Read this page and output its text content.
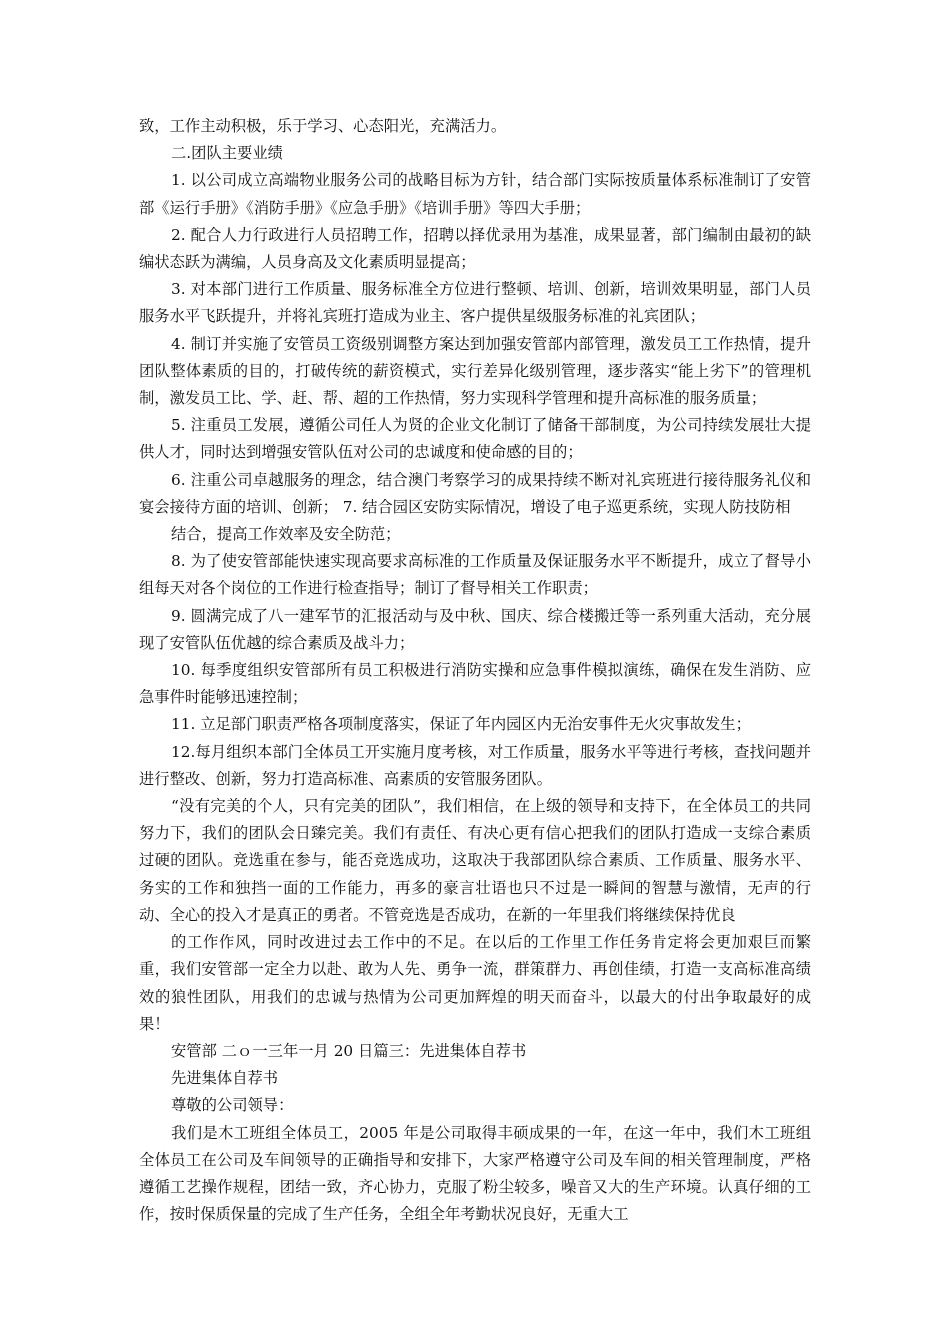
致，工作主动积极，乐于学习、心态阳光，充满活力。

二.团队主要业绩

1. 以公司成立高端物业服务公司的战略目标为方针，结合部门实际按质量体系标准制订了安管部《运行手册》《消防手册》《应急手册》《培训手册》等四大手册；

2. 配合人力行政进行人员招聘工作，招聘以择优录用为基准，成果显著，部门编制由最初的缺编状态跃为满编，人员身高及文化素质明显提高；

3. 对本部门进行工作质量、服务标准全方位进行整顿、培训、创新，培训效果明显，部门人员服务水平飞跃提升，并将礼宾班打造成为业主、客户提供星级服务标准的礼宾团队；

4. 制订并实施了安管员工资级别调整方案达到加强安管部内部管理，激发员工工作热情，提升团队整体素质的目的，打破传统的薪资模式，实行差异化级别管理，逐步落实“能上劣下”的管理机制，激发员工比、学、赶、帮、超的工作热情，努力实现科学管理和提升高标准的服务质量；

5. 注重员工发展，遵循公司任人为贤的企业文化制订了储备干部制度，为公司持续发展壮大提供人才，同时达到增强安管队伍对公司的忠诚度和使命感的目的；

6. 注重公司卓越服务的理念，结合澳门考察学习的成果持续不断对礼宾班进行接待服务礼仪和宴会接待方面的培训、创新； 7. 结合园区安防实际情况，增设了电子巡更系统，实现人防技防相

结合，提高工作效率及安全防范；

8. 为了使安管部能快速实现高要求高标准的工作质量及保证服务水平不断提升，成立了督导小组每天对各个岗位的工作进行检查指导；制订了督导相关工作职责；

9. 圆满完成了八一建军节的汇报活动与及中秋、国庆、综合楼搬迁等一系列重大活动，充分展现了安管队伍优越的综合素质及战斗力；

10. 每季度组织安管部所有员工积极进行消防实操和应急事件模拟演练，确保在发生消防、应急事件时能够迅速控制；

11. 立足部门职责严格各项制度落实，保证了年内园区内无治安事件无火灾事故发生；

12.每月组织本部门全体员工开实施月度考核，对工作质量，服务水平等进行考核，查找问题并进行整改、创新，努力打造高标准、高素质的安管服务团队。

“没有完美的个人，只有完美的团队”，我们相信，在上级的领导和支持下，在全体员工的共同努力下，我们的团队会日臻完美。我们有责任、有决心更有信心把我们的团队打造成一支综合素质过硬的团队。竞选重在参与，能否竞选成功，这取决于我部团队综合素质、工作质量、服务水平、务实的工作和独挡一面的工作能力，再多的豪言壮语也只不过是一瞬间的智慧与激情，无声的行动、全心的投入才是真正的勇者。不管竞选是否成功，在新的一年里我们将继续保持优良

的工作作风，同时改进过去工作中的不足。在以后的工作里工作任务肯定将会更加艰巨而繁重，我们安管部一定全力以赴、敢为人先、勇争一流，群策群力、再创佳绩，打造一支高标准高绩效的狼性团队，用我们的忠诚与热情为公司更加辉煌的明天而奋斗，以最大的付出争取最好的成果！

安管部 二ｏ一三年一月 20 日篇三：先进集体自荐书

先进集体自荐书

尊敬的公司领导：

我们是木工班组全体员工，2005 年是公司取得丰硕成果的一年，在这一年中，我们木工班组全体员工在公司及车间领导的正确指导和安排下，大家严格遵守公司及车间的相关管理制度，严格遵循工艺操作规程，团结一致，齐心协力，克服了粉尘较多，噪音又大的生产环境。认真仔细的工作，按时保质保量的完成了生产任务，全组全年考勤状况良好，无重大工
